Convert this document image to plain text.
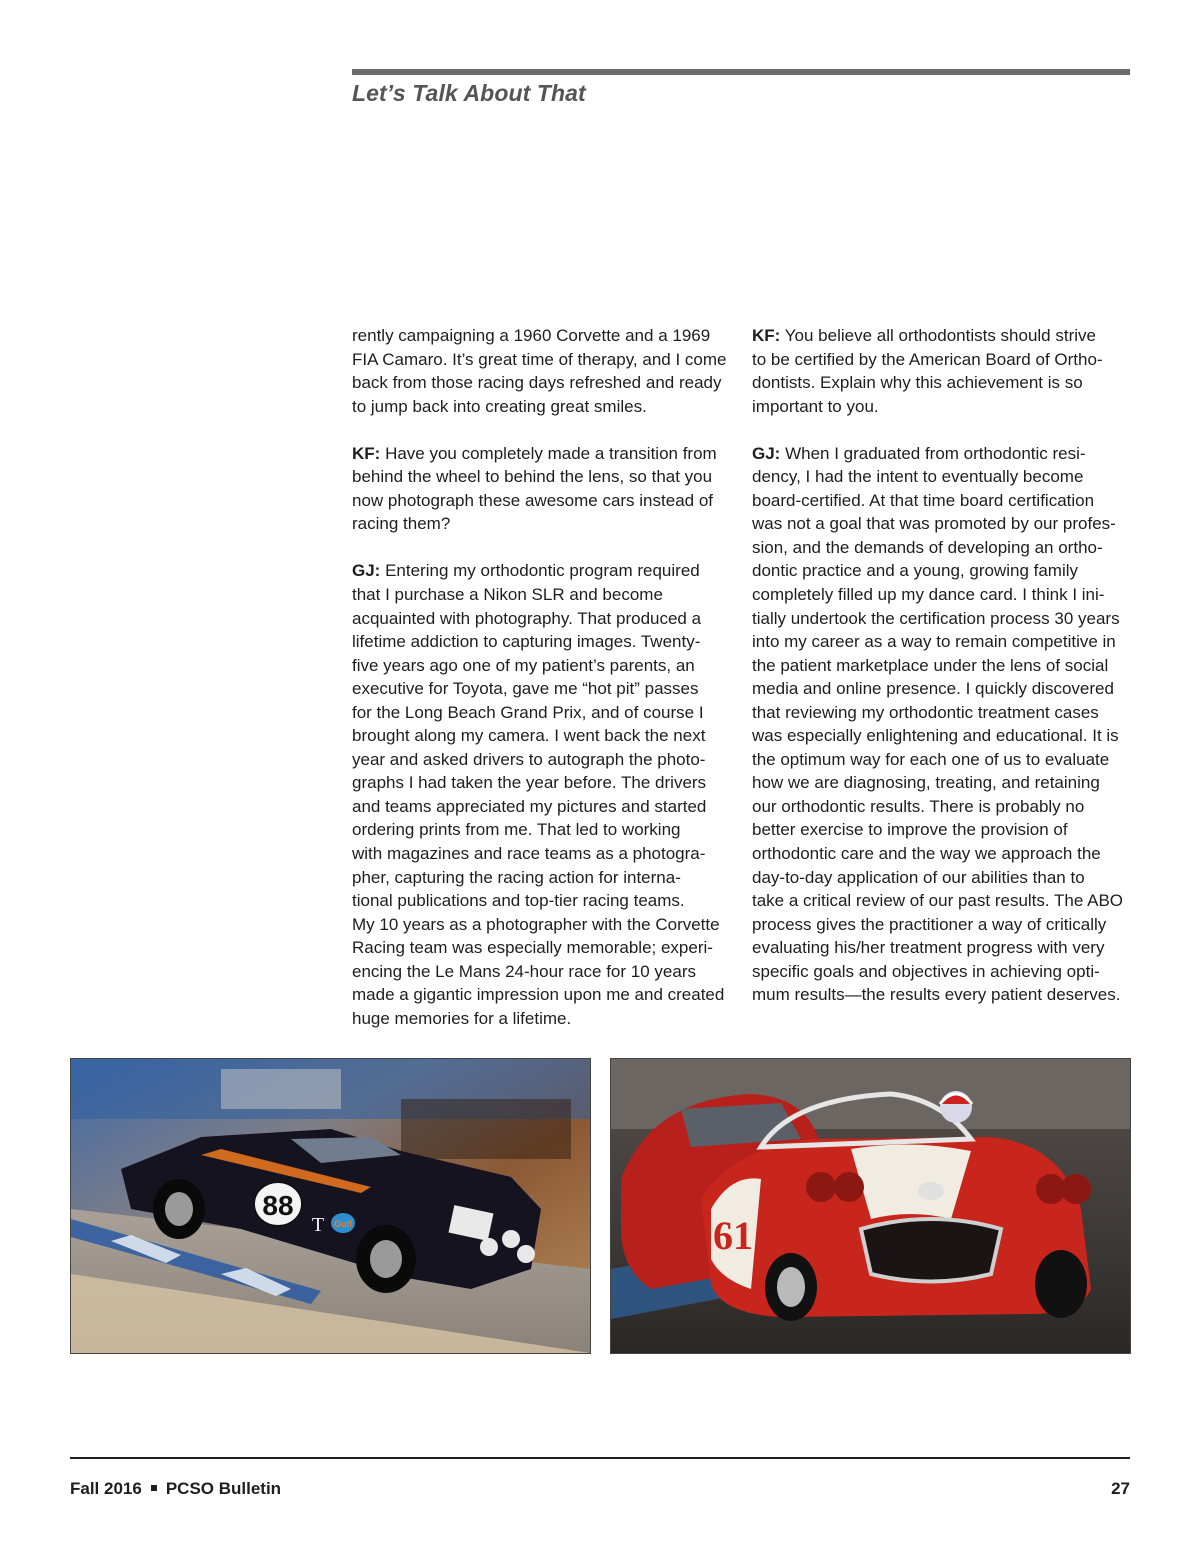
Let’s Talk About That
rently campaigning a 1960 Corvette and a 1969
FIA Camaro. It’s great time of therapy, and I come
back from those racing days refreshed and ready
to jump back into creating great smiles.
KF: Have you completely made a transition from
behind the wheel to behind the lens, so that you
now photograph these awesome cars instead of
racing them?
GJ: Entering my orthodontic program required
that I purchase a Nikon SLR and become
acquainted with photography. That produced a
lifetime addiction to capturing images. Twenty-
five years ago one of my patient’s parents, an
executive for Toyota, gave me “hot pit” passes
for the Long Beach Grand Prix, and of course I
brought along my camera. I went back the next
year and asked drivers to autograph the photo-
graphs I had taken the year before. The drivers
and teams appreciated my pictures and started
ordering prints from me. That led to working
with magazines and race teams as a photogra-
pher, capturing the racing action for interna-
tional publications and top-tier racing teams.
My 10 years as a photographer with the Corvette
Racing team was especially memorable; experi-
encing the Le Mans 24-hour race for 10 years
made a gigantic impression upon me and created
huge memories for a lifetime.
KF: You believe all orthodontists should strive
to be certified by the American Board of Ortho-
dontists. Explain why this achievement is so
important to you.
GJ: When I graduated from orthodontic resi-
dency, I had the intent to eventually become
board-certified. At that time board certification
was not a goal that was promoted by our profes-
sion, and the demands of developing an ortho-
dontic practice and a young, growing family
completely filled up my dance card. I think I ini-
tially undertook the certification process 30 years
into my career as a way to remain competitive in
the patient marketplace under the lens of social
media and online presence. I quickly discovered
that reviewing my orthodontic treatment cases
was especially enlightening and educational. It is
the optimum way for each one of us to evaluate
how we are diagnosing, treating, and retaining
our orthodontic results. There is probably no
better exercise to improve the provision of
orthodontic care and the way we approach the
day-to-day application of our abilities than to
take a critical review of our past results. The ABO
process gives the practitioner a way of critically
evaluating his/her treatment progress with very
specific goals and objectives in achieving opti-
mum results—the results every patient deserves.
88
T Gulf	61
Fall 2016 PCSO Bulletin	27
